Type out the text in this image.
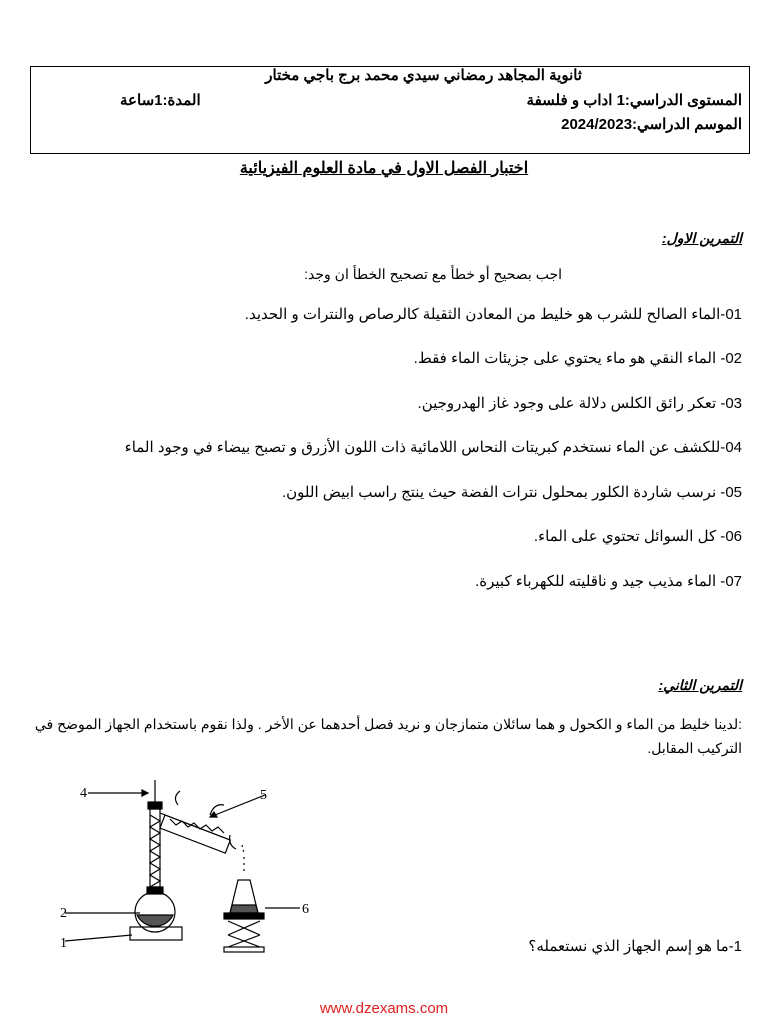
ثانوية المجاهد رمضاني سيدي محمد برج باجي مختار
المستوى الدراسي:1 اداب و فلسفة
المدة:1ساعة
الموسم الدراسي:2024/2023
اختبار الفصل الاول في مادة العلوم الفيزيائية
التمرين الاول:
اجب بصحيح أو خطأ مع تصحيح الخطأ ان وجد:
01-الماء الصالح للشرب هو خليط من المعادن الثقيلة كالرصاص والنترات و الحديد.
02- الماء النقي هو ماء يحتوي على جزيئات الماء فقط.
03- تعكر رائق الكلس دلالة على وجود غاز الهدروجين.
04-للكشف عن الماء نستخدم كبريتات النحاس اللامائية ذات اللون الأزرق و تصبح بيضاء في وجود الماء
05- نرسب شاردة الكلور بمحلول نترات الفضة حيث ينتج راسب ابيض اللون.
06- كل السوائل تحتوي على الماء.
07- الماء مذيب جيد و ناقليته للكهرباء كبيرة.
التمرين الثاني:
:لدينا خليط من الماء و الكحول و هما سائلان متمازجان و نريد فصل أحدهما عن الأخر . ولذا نقوم باستخدام الجهاز الموضح في التركيب المقابل.
1-ما هو إسم الجهاز الذي نستعمله؟
4	5
2
1
6
www.dzexams.com
